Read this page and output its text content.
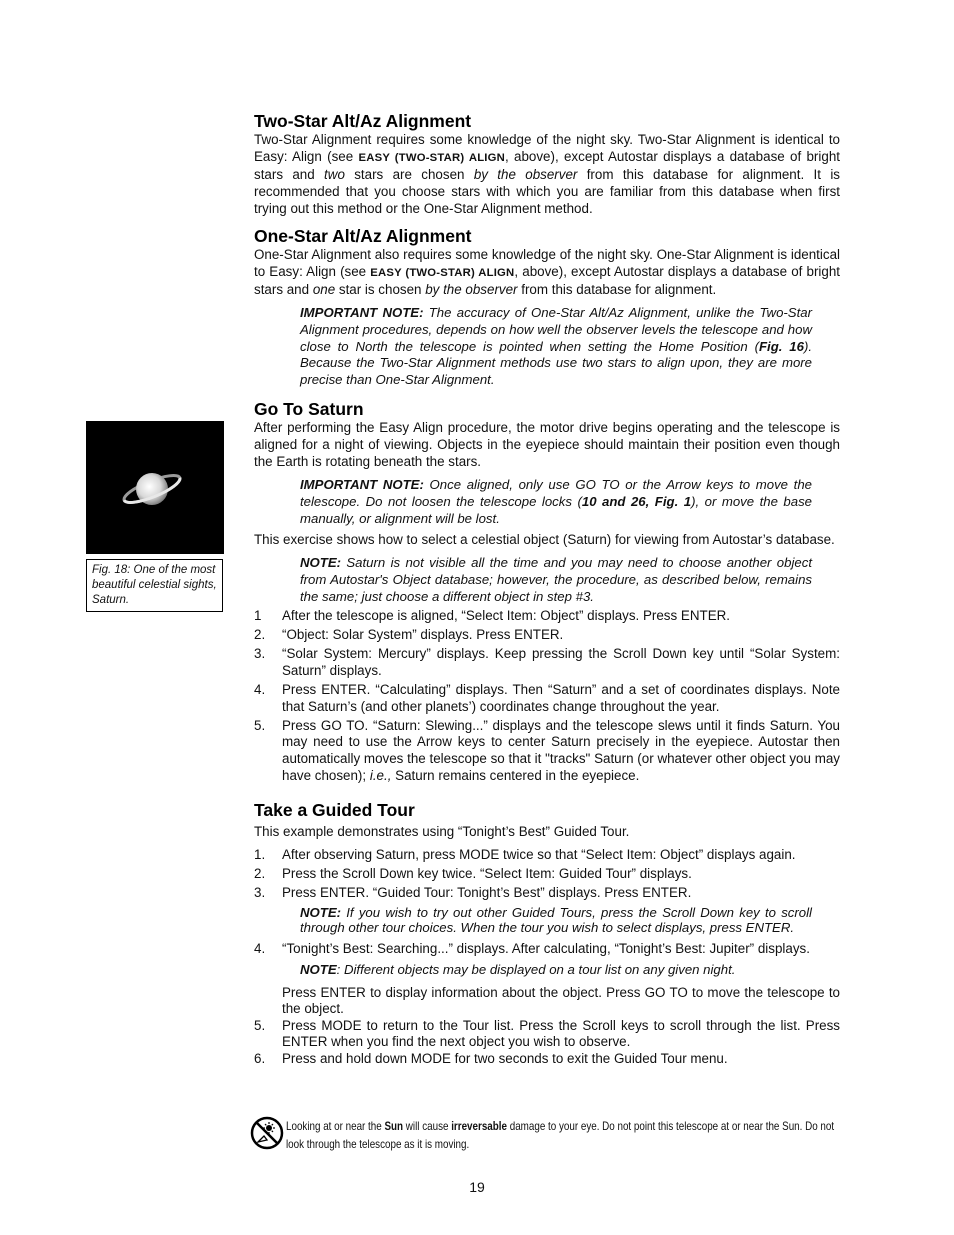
Two-Star Alt/Az Alignment

Two-Star Alignment requires some knowledge of the night sky. Two-Star Alignment is identical to Easy: Align (see EASY (TWO-STAR) ALIGN, above), except Autostar displays a database of bright stars and two stars are chosen by the observer from this database for alignment. It is recommended that you choose stars with which you are familiar from this database when first trying out this method or the One-Star Alignment method.

One-Star Alt/Az Alignment

One-Star Alignment also requires some knowledge of the night sky. One-Star Alignment is identical to Easy: Align (see EASY (TWO-STAR) ALIGN, above), except Autostar displays a database of bright stars and one star is chosen by the observer from this database for alignment.

IMPORTANT NOTE: The accuracy of One-Star Alt/Az Alignment, unlike the Two-Star Alignment procedures, depends on how well the observer levels the telescope and how close to North the telescope is pointed when setting the Home Position (Fig. 16). Because the Two-Star Alignment methods use two stars to align upon, they are more precise than One-Star Alignment.
Go To Saturn

After performing the Easy Align procedure, the motor drive begins operating and the telescope is aligned for a night of viewing. Objects in the eyepiece should maintain their position even though the Earth is rotating beneath the stars.

IMPORTANT NOTE: Once aligned, only use GO TO or the Arrow keys to move the telescope. Do not loosen the telescope locks (10 and 26, Fig. 1), or move the base manually, or alignment will be lost.

This exercise shows how to select a celestial object (Saturn) for viewing from Autostar’s database.

NOTE: Saturn is not visible all the time and you may need to choose another object from Autostar's Object database; however, the procedure, as described below, remains the same; just choose a different object in step #3.
1 After the telescope is aligned, “Select Item: Object” displays. Press ENTER.
2. “Object: Solar System” displays. Press ENTER.
3. “Solar System: Mercury” displays. Keep pressing the Scroll Down key until “Solar System: Saturn” displays.
4. Press ENTER. “Calculating” displays. Then “Saturn” and a set of coordinates displays. Note that Saturn’s (and other planets’) coordinates change throughout the year.
5. Press GO TO. “Saturn: Slewing...” displays and the telescope slews until it finds Saturn. You may need to use the Arrow keys to center Saturn precisely in the eyepiece. Autostar then automatically moves the telescope so that it "tracks" Saturn (or whatever other object you may have chosen); i.e., Saturn remains centered in the eyepiece.
Take a Guided Tour

This example demonstrates using “Tonight’s Best” Guided Tour.

1. After observing Saturn, press MODE twice so that “Select Item: Object” displays again.
2. Press the Scroll Down key twice. “Select Item: Guided Tour” displays.
3. Press ENTER. “Guided Tour: Tonight’s Best” displays. Press ENTER.
NOTE: If you wish to try out other Guided Tours, press the Scroll Down key to scroll through other tour choices. When the tour you wish to select displays, press ENTER.
4. “Tonight’s Best: Searching...” displays. After calculating, “Tonight’s Best: Jupiter” displays.
NOTE: Different objects may be displayed on a tour list on any given night.
Press ENTER to display information about the object. Press GO TO to move the telescope to the object.
5. Press MODE to return to the Tour list. Press the Scroll keys to scroll through the list. Press ENTER when you find the next object you wish to observe.
6. Press and hold down MODE for two seconds to exit the Guided Tour menu.
Fig. 18: One of the most beautiful celestial sights, Saturn.
Looking at or near the Sun will cause irreversable damage to your eye. Do not point this telescope at or near the Sun. Do not look through the telescope as it is moving.
19
